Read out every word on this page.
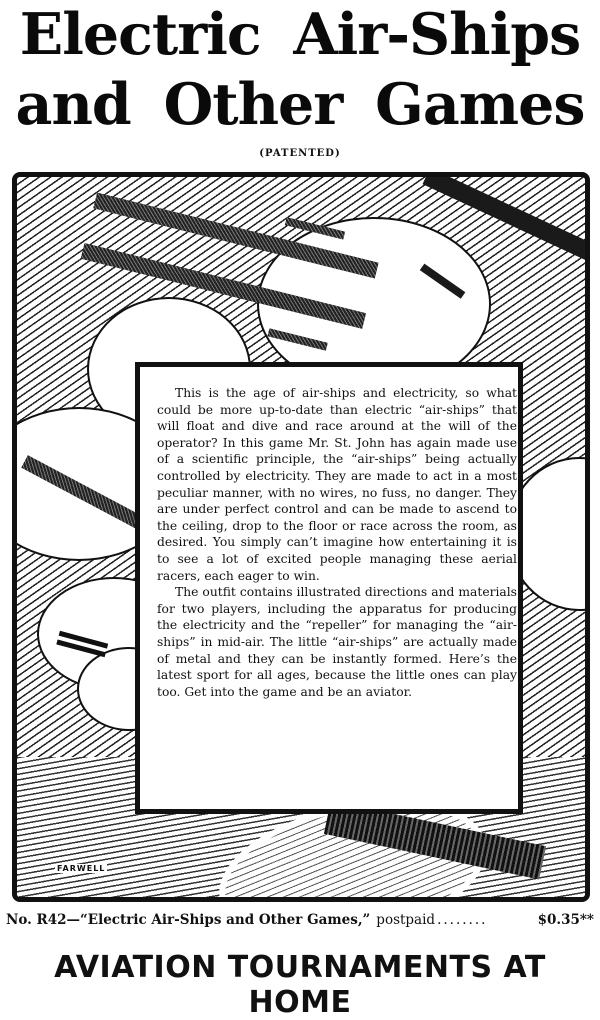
Electric Air-Ships
and Other Games
(PATENTED)
FARWELL

This is the age of air-ships and electricity, so what could be more up-to-date than electric “air-ships” that will float and dive and race around at the will of the operator? In this game Mr. St. John has again made use of a scientific principle, the “air-ships” being actually controlled by electricity. They are made to act in a most peculiar manner, with no wires, no fuss, no danger. They are under perfect control and can be made to ascend to the ceiling, drop to the floor or race across the room, as desired. You simply can’t imagine how entertaining it is to see a lot of excited people managing these aerial racers, each eager to win.

The outfit contains illustrated directions and materials for two players, including the apparatus for producing the electricity and the “repeller” for managing the “air-ships” in mid-air. The little “air-ships” are actually made of metal and they can be instantly formed. Here’s the latest sport for all ages, because the little ones can play too. Get into the game and be an aviator.

No. R42— “Electric Air-Ships and Other Games,” postpaid ........	$0.35**
AVIATION TOURNAMENTS AT HOME
